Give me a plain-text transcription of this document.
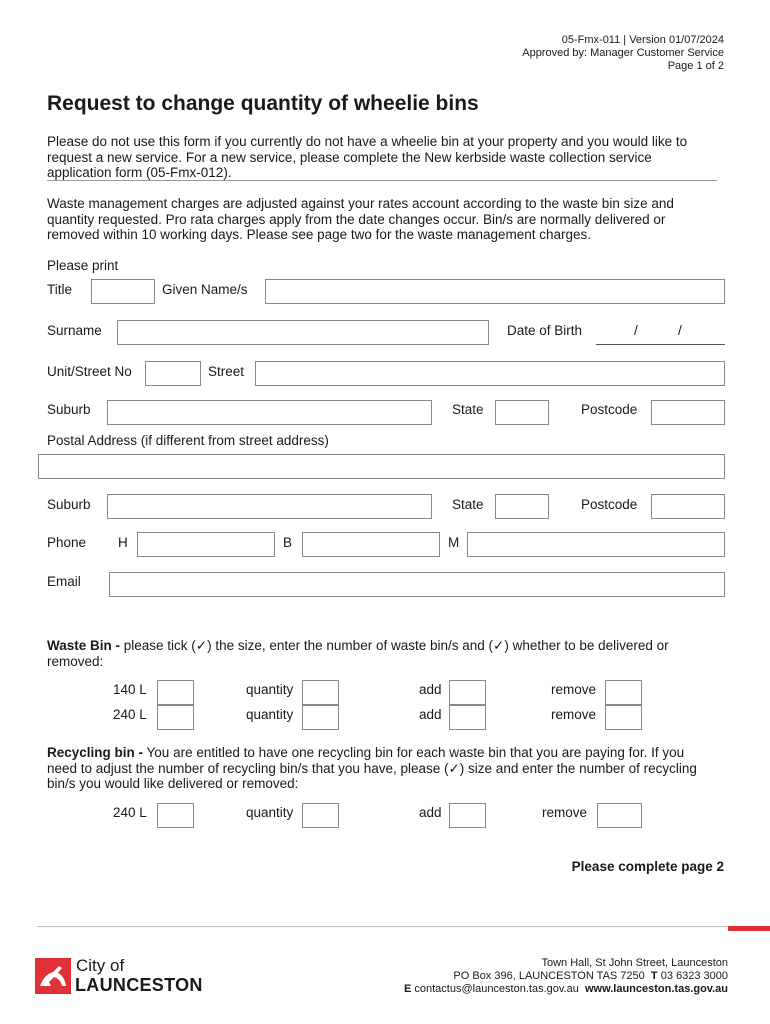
05-Fmx-011 | Version 01/07/2024
Approved by: Manager Customer Service
Page 1 of 2
Request to change quantity of wheelie bins
Please do not use this form if you currently do not have a wheelie bin at your property and you would like to request a new service. For a new service, please complete the New kerbside waste collection service application form (05-Fmx-012).
Waste management charges are adjusted against your rates account according to the waste bin size and quantity requested. Pro rata charges apply from the date changes occur. Bin/s are normally delivered or removed within 10 working days. Please see page two for the waste management charges.
Please print
Title	Given Name/s
Surname	Date of Birth	/	/
Unit/Street No	Street
Suburb	State	Postcode
Postal Address (if different from street address)
Suburb	State	Postcode
Phone H	B	M
Email
Waste Bin - please tick (✓) the size, enter the number of waste bin/s and (✓) whether to be delivered or removed:
140 L	quantity	add	remove
240 L	quantity	add	remove
Recycling bin - You are entitled to have one recycling bin for each waste bin that you are paying for. If you need to adjust the number of recycling bin/s that you have, please (✓) size and enter the number of recycling bin/s you would like delivered or removed:
240 L	quantity	add	remove
Please complete page 2
City of
LAUNCESTON
Town Hall, St John Street, Launceston
PO Box 396, LAUNCESTON TAS 7250 T 03 6323 3000
E contactus@launceston.tas.gov.au www.launceston.tas.gov.au
